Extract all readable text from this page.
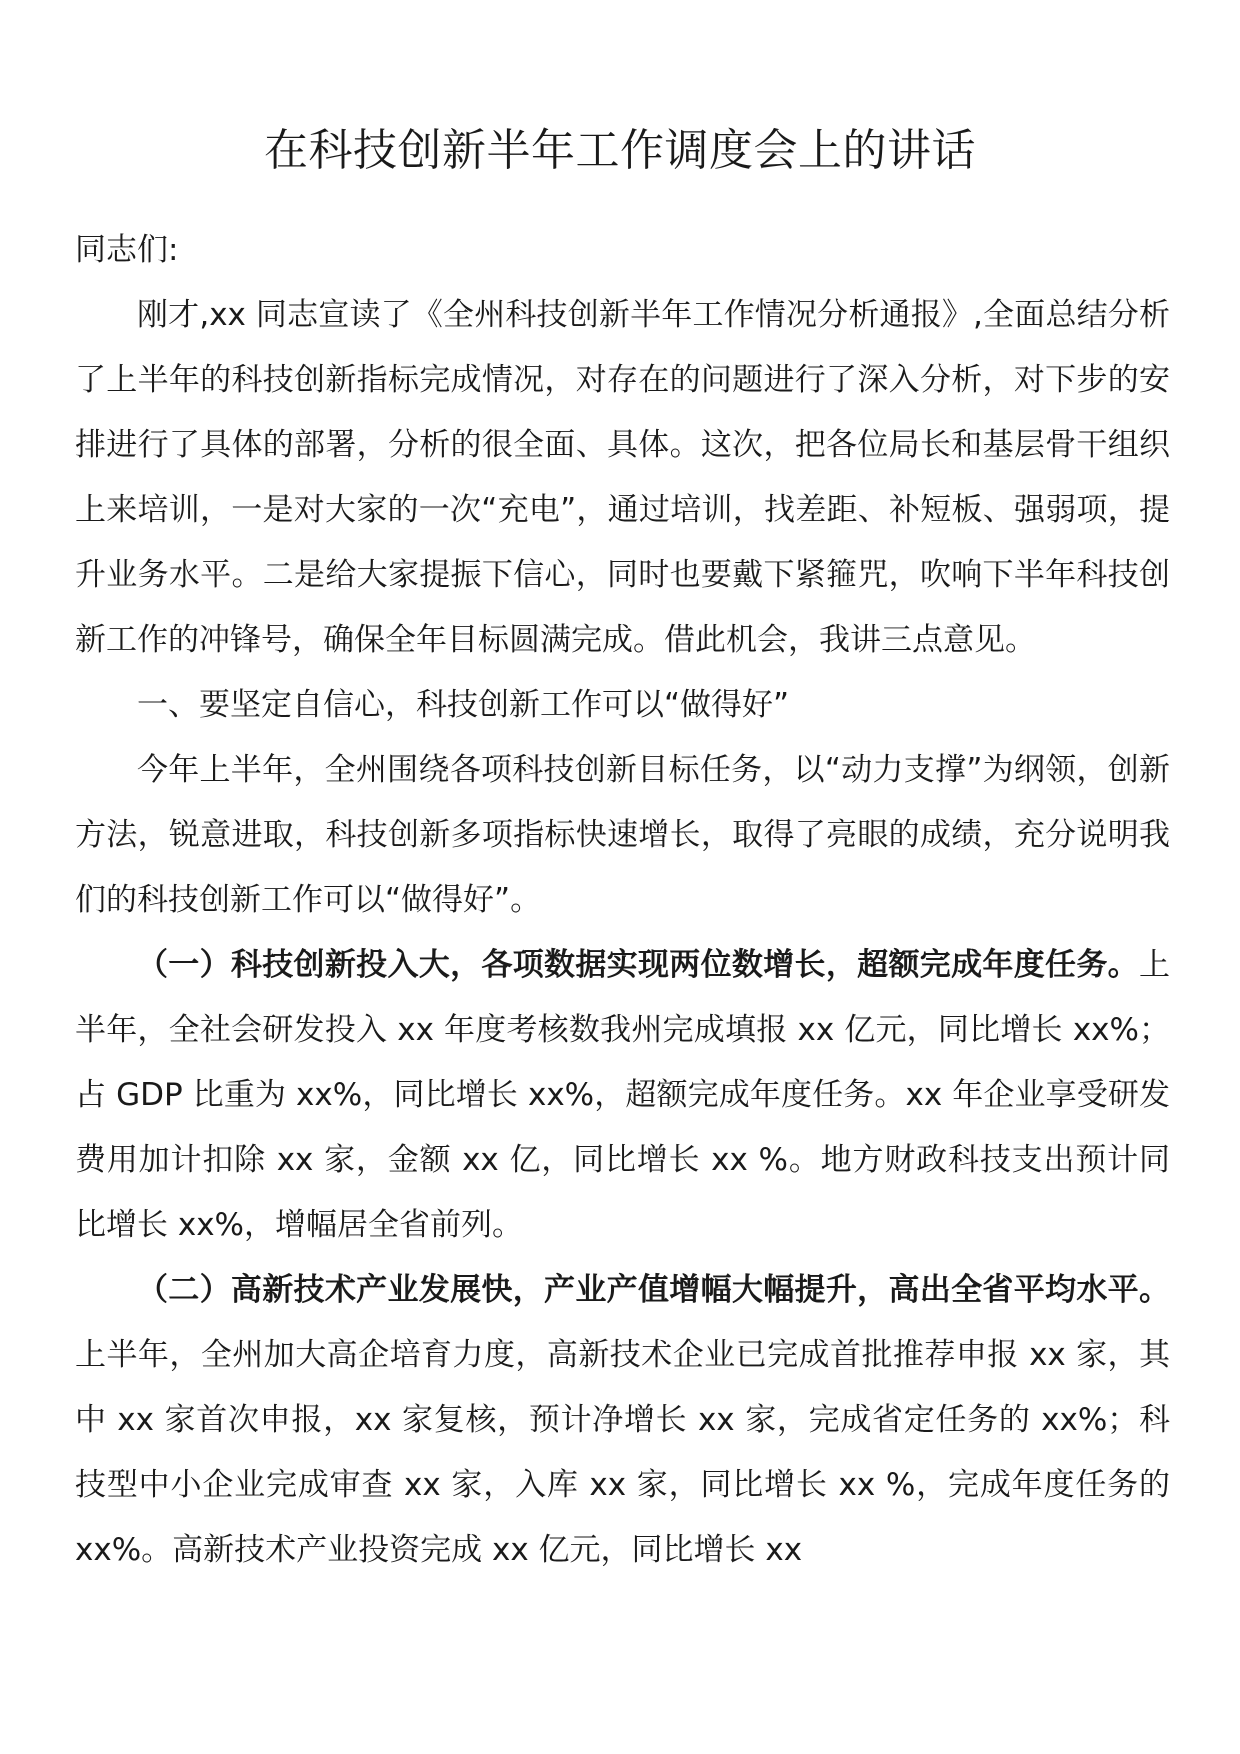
在科技创新半年工作调度会上的讲话

同志们:

刚才,xx 同志宣读了《全州科技创新半年工作情况分析通报》,全面总结分析了上半年的科技创新指标完成情况，对存在的问题进行了深入分析，对下步的安排进行了具体的部署，分析的很全面、具体。这次，把各位局长和基层骨干组织上来培训，一是对大家的一次“充电”，通过培训，找差距、补短板、强弱项，提升业务水平。二是给大家提振下信心，同时也要戴下紧箍咒，吹响下半年科技创新工作的冲锋号，确保全年目标圆满完成。借此机会，我讲三点意见。

一、要坚定自信心，科技创新工作可以“做得好”

今年上半年，全州围绕各项科技创新目标任务，以“动力支撑”为纲领，创新方法，锐意进取，科技创新多项指标快速增长，取得了亮眼的成绩，充分说明我们的科技创新工作可以“做得好”。

（一）科技创新投入大，各项数据实现两位数增长，超额完成年度任务。上半年，全社会研发投入 xx 年度考核数我州完成填报 xx 亿元，同比增长 xx%；占 GDP 比重为 xx%，同比增长 xx%，超额完成年度任务。xx 年企业享受研发费用加计扣除 xx 家，金额 xx 亿，同比增长 xx %。地方财政科技支出预计同比增长 xx%，增幅居全省前列。

（二）高新技术产业发展快，产业产值增幅大幅提升，高出全省平均水平。上半年，全州加大高企培育力度，高新技术企业已完成首批推荐申报 xx 家，其中 xx 家首次申报，xx 家复核，预计净增长 xx 家，完成省定任务的 xx%；科技型中小企业完成审查 xx 家，入库 xx 家，同比增长 xx %，完成年度任务的 xx%。高新技术产业投资完成 xx 亿元，同比增长 xx
